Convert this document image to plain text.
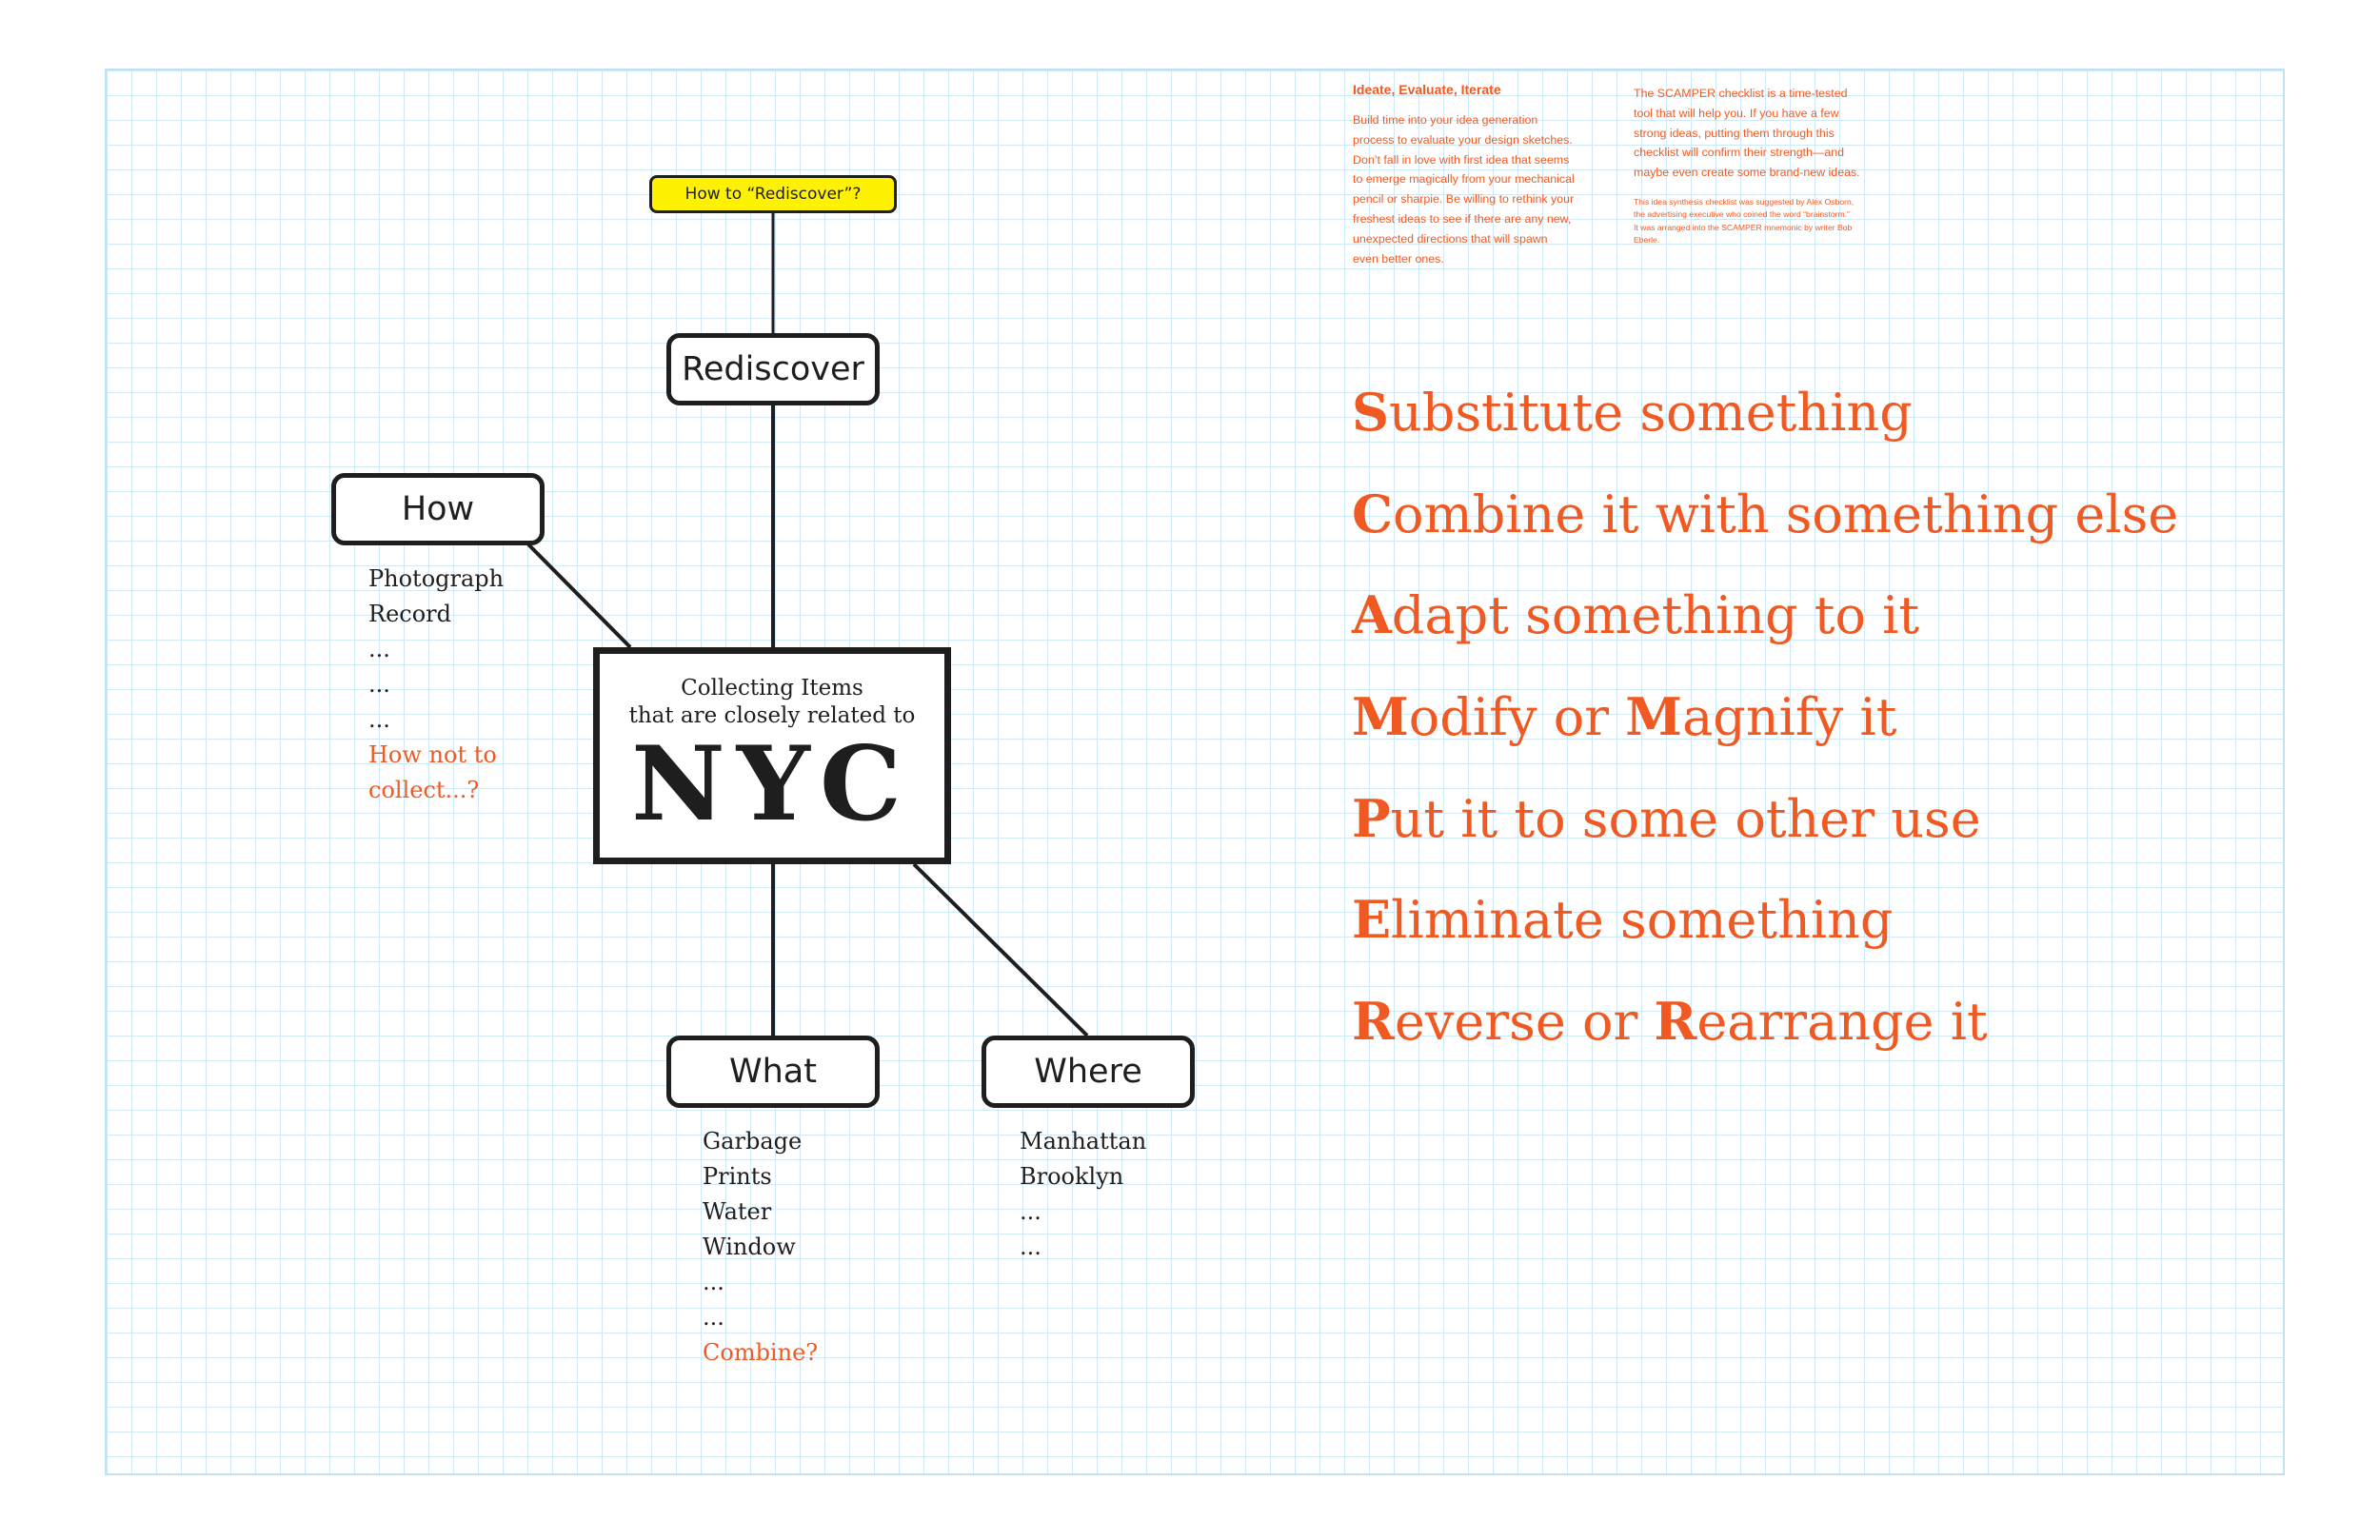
How to “Rediscover”?
Rediscover
How
What	Where
Collecting Items
that are closely related to
NYC
Photograph
Record
...
...
...
How not to
collect...?
Garbage
Prints
Water
Window
...
...
Combine?
Manhattan
Brooklyn
...
...
Ideate, Evaluate, Iterate
Build time into your idea generation
process to evaluate your design sketches.
Don’t fall in love with first idea that seems
to emerge magically from your mechanical
pencil or sharpie. Be willing to rethink your
freshest ideas to see if there are any new,
unexpected directions that will spawn
even better ones.
The SCAMPER checklist is a time-tested
tool that will help you. If you have a few
strong ideas, putting them through this
checklist will confirm their strength—and
maybe even create some brand-new ideas.
This idea synthesis checklist was suggested by Alex Osborn,
the advertising executive who coined the word “brainstorm.”
It was arranged into the SCAMPER mnemonic by writer Bob
Eberle.
Substitute something
Combine it with something else
Adapt something to it
Modify or Magnify it
Put it to some other use
Eliminate something
Reverse or Rearrange it
